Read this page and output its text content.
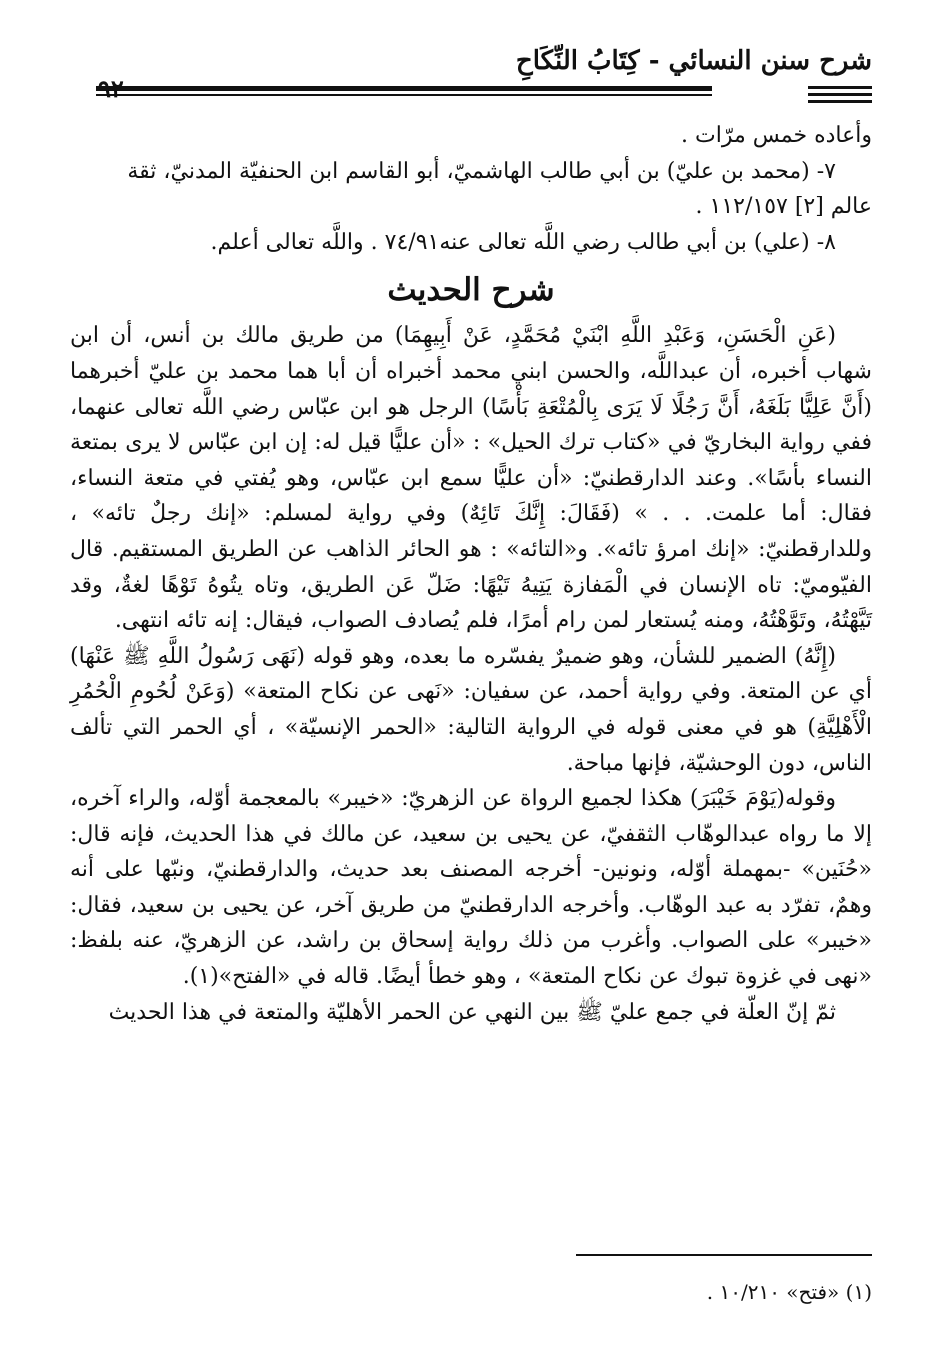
شرح سنن النسائي - كِتَابُ النِّكَاحِ

وأعاده خمس مرّات .

٧- (محمد بن عليّ) بن أبي طالب الهاشميّ، أبو القاسم ابن الحنفيّة المدنيّ، ثقة

عالم [٢] ١١٢/١٥٧ .

٨- (علي) بن أبي طالب رضي اللَّه تعالى عنه٧٤/٩١ . واللَّه تعالى أعلم.

شرح الحديث

(عَنِ الْحَسَنِ، وَعَبْدِ اللَّهِ ابْنَيْ مُحَمَّدٍ، عَنْ أَبِيهِمَا) من طريق مالك بن أنس، أن ابن شهاب أخبره، أن عبداللَّه، والحسن ابني محمد أخبراه أن أبا هما محمد بن عليّ أخبرهما (أَنَّ عَلِيًّا بَلَغَهُ، أَنَّ رَجُلًا لَا يَرَى بِالْمُتْعَةِ بَأْسًا) الرجل هو ابن عبّاس رضي اللَّه تعالى عنهما، ففي رواية البخاريّ في «كتاب ترك الحيل» : «أن عليًّا قيل له: إن ابن عبّاس لا يرى بمتعة النساء بأسًا». وعند الدارقطنيّ: «أن عليًّا سمع ابن عبّاس، وهو يُفتي في متعة النساء، فقال: أما علمت. . . » (فَقَالَ: إِنَّكَ تَائِهٌ) وفي رواية لمسلم: «إنك رجلٌ تائه» ، وللدارقطنيّ: «إنك امرؤ تائه». و«التائه» : هو الحائر الذاهب عن الطريق المستقيم. قال الفيّوميّ: تاه الإنسان في الْمَفازة يَتِيهُ تَيْهًا: ضَلّ عَن الطريق، وتاه يتُوهُ تَوْهًا لغةٌ، وقد تَيَّهْتُهُ، وتَوَّهْتُهُ، ومنه يُستعار لمن رام أمرًا، فلم يُصادف الصواب، فيقال: إنه تائه انتهى.

(إِنَّهُ) الضمير للشأن، وهو ضميرٌ يفسّره ما بعده، وهو قوله (نَهَى رَسُولُ اللَّهِ ﷺ عَنْهَا) أي عن المتعة. وفي رواية أحمد، عن سفيان: «نَهى عن نكاح المتعة» (وَعَنْ لُحُومِ الْحُمُرِ الْأَهْلِيَّةِ) هو في معنى قوله في الرواية التالية: «الحمر الإنسيّة» ، أي الحمر التي تألف الناس، دون الوحشيّة، فإنها مباحة.

وقوله(يَوْمَ خَيْبَرَ) هكذا لجميع الرواة عن الزهريّ: «خيبر» بالمعجمة أوّله، والراء آخره، إلا ما رواه عبدالوهّاب الثقفيّ، عن يحيى بن سعيد، عن مالك في هذا الحديث، فإنه قال: «حُنَين» -بمهملة أوّله، ونونين- أخرجه المصنف بعد حديث، والدارقطنيّ، ونبّها على أنه وهمٌ، تفرّد به عبد الوهّاب. وأخرجه الدارقطنيّ من طريق آخر، عن يحيى بن سعيد، فقال: «خيبر» على الصواب. وأغرب من ذلك رواية إسحاق بن راشد، عن الزهريّ، عنه بلفظ: «نهى في غزوة تبوك عن نكاح المتعة» ، وهو خطأ أيضًا. قاله في «الفتح»(١).

ثمّ إنّ العلّة في جمع عليّ ﷺ بين النهي عن الحمر الأهليّة والمتعة في هذا الحديث

(١) «فتح» ١٠/٢١٠ .
